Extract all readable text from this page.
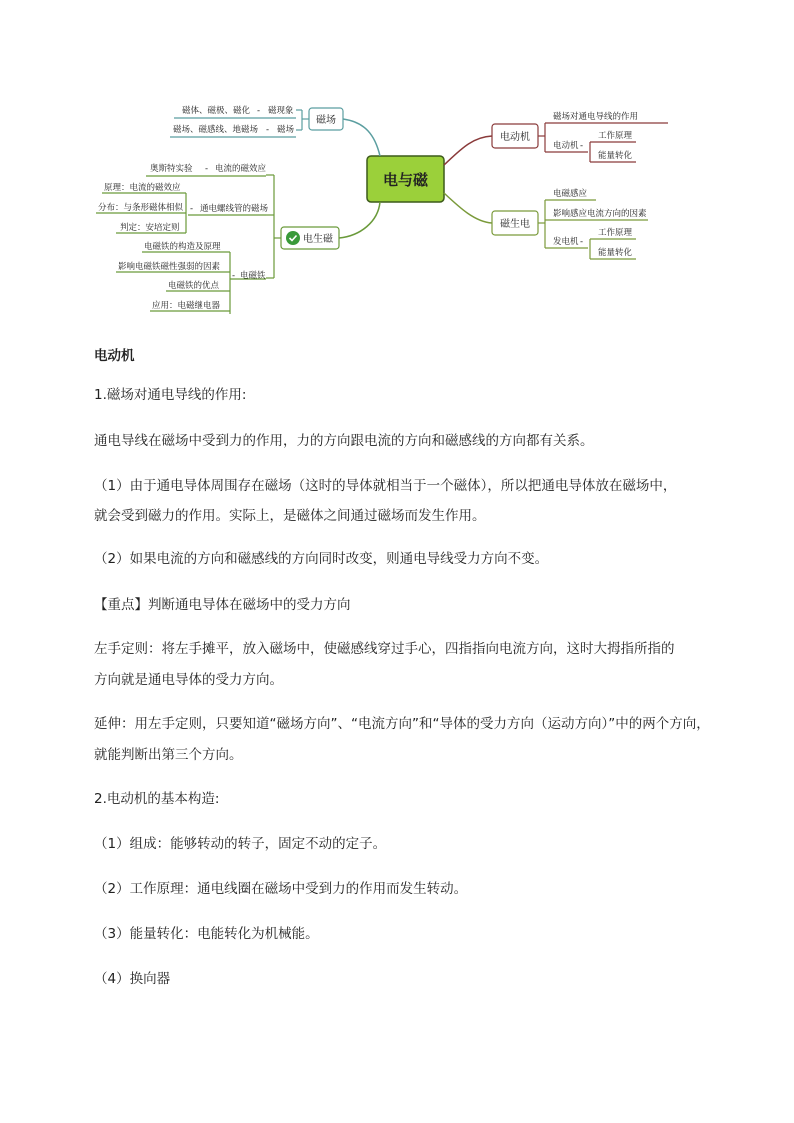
电与磁
磁场
磁体、磁极、磁化 - 磁现象
磁场、磁感线、地磁场 - 磁场
电生磁
奥斯特实验 - 电流的磁效应
通电螺线管的磁场
-
原理：电流的磁效应
分布：与条形磁体相似
判定：安培定则
电磁铁
-
电磁铁的构造及原理
影响电磁铁磁性强弱的因素
电磁铁的优点
应用：电磁继电器
电动机
磁场对通电导线的作用
电动机 -
工作原理
能量转化
磁生电
电磁感应
影响感应电流方向的因素
发电机 -
工作原理
能量转化
电动机
1.磁场对通电导线的作用:
通电导线在磁场中受到力的作用，力的方向跟电流的方向和磁感线的方向都有关系。
（1）由于通电导体周围存在磁场（这时的导体就相当于一个磁体），所以把通电导体放在磁场中，
就会受到磁力的作用。实际上，是磁体之间通过磁场而发生作用。
（2）如果电流的方向和磁感线的方向同时改变，则通电导线受力方向不变。
【重点】判断通电导体在磁场中的受力方向
左手定则：将左手摊平，放入磁场中，使磁感线穿过手心，四指指向电流方向，这时大拇指所指的
方向就是通电导体的受力方向。
延伸：用左手定则，只要知道“磁场方向”、“电流方向”和“导体的受力方向（运动方向）”中的两个方向，
就能判断出第三个方向。
2.电动机的基本构造:
（1）组成：能够转动的转子，固定不动的定子。
（2）工作原理：通电线圈在磁场中受到力的作用而发生转动。
（3）能量转化：电能转化为机械能。
（4）换向器
